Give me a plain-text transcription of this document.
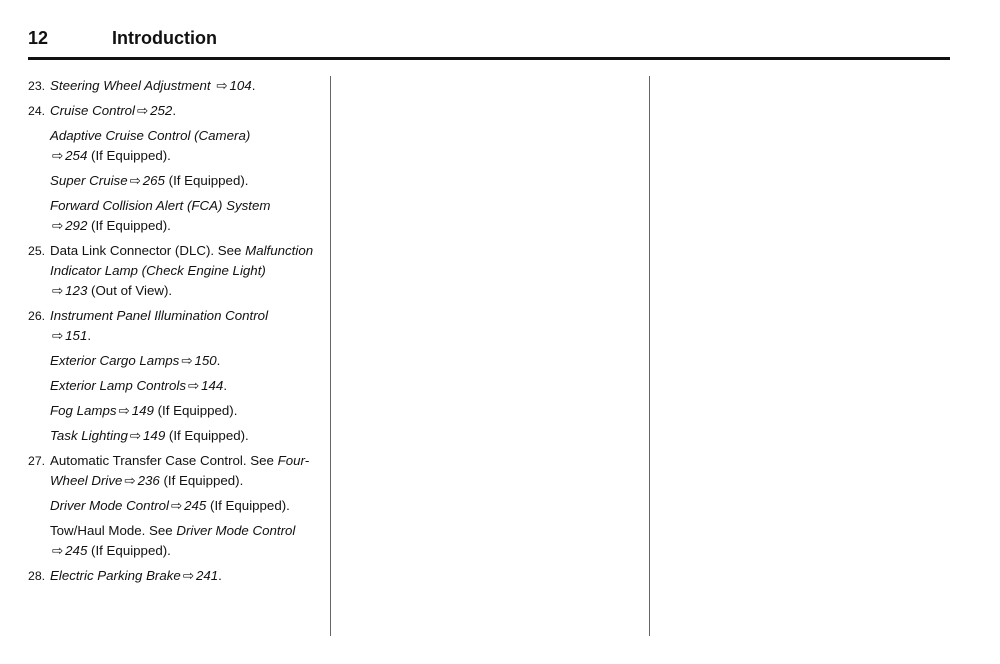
12	Introduction
23. Steering Wheel Adjustment ⇨ 104.
24. Cruise Control ⇨ 252.
Adaptive Cruise Control (Camera)
⇨ 254 (If Equipped).
Super Cruise ⇨ 265 (If Equipped).
Forward Collision Alert (FCA) System
⇨ 292 (If Equipped).
25. Data Link Connector (DLC). See Malfunction
Indicator Lamp (Check Engine Light)
⇨ 123 (Out of View).
26. Instrument Panel Illumination Control
⇨ 151.
Exterior Cargo Lamps ⇨ 150.
Exterior Lamp Controls ⇨ 144.
Fog Lamps ⇨ 149 (If Equipped).
Task Lighting ⇨ 149 (If Equipped).
27. Automatic Transfer Case Control. See Four-
Wheel Drive ⇨ 236 (If Equipped).
Driver Mode Control ⇨ 245 (If Equipped).
Tow/Haul Mode. See Driver Mode Control
⇨ 245 (If Equipped).
28. Electric Parking Brake ⇨ 241.
